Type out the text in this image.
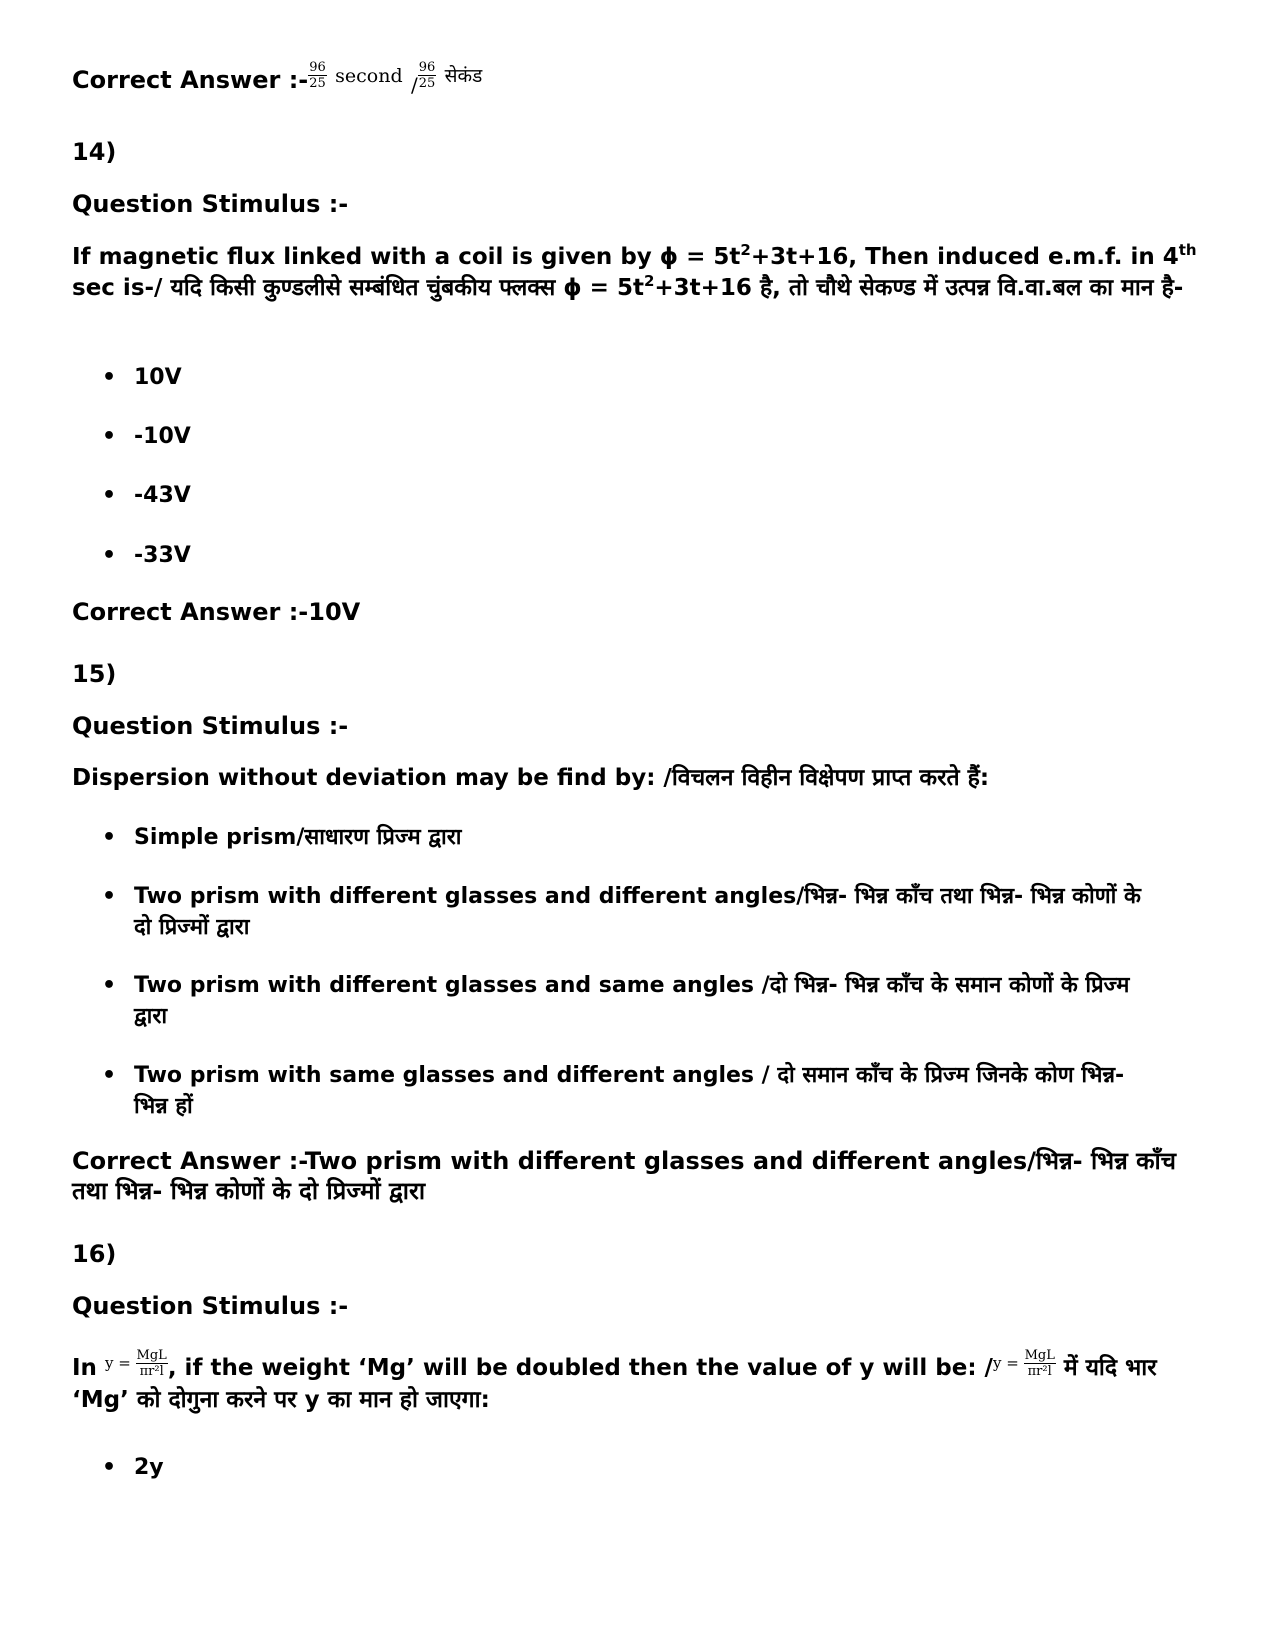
Correct Answer :- $\frac{96}{25}$ second $_/ \frac{96}{25}$ सेकंड
14)
Question Stimulus :-
If magnetic flux linked with a coil is given by $\phi = 5t^2+3t+16$, Then induced e.m.f. in 4th sec is-/ यदि किसी कुण्डलीसे सम्बंधित चुंबकीय फ्लक्स $\phi = 5t^2+3t+16$ है, तो चौथे सेकण्ड में उत्पन्न वि.वा.बल का मान है-
• 10V
• -10V
• -43V
• -33V
Correct Answer :-10V
15)
Question Stimulus :-
Dispersion without deviation may be find by: /विचलन विहीन विक्षेपण प्राप्त करते हैं:
• Simple prism/साधारण प्रिज्म द्वारा
• Two prism with different glasses and different angles/भिन्न- भिन्न काँच तथा भिन्न- भिन्न कोणों के दो प्रिज्मों द्वारा
• Two prism with different glasses and same angles /दो भिन्न- भिन्न काँच के समान कोणों के प्रिज्म द्वारा
• Two prism with same glasses and different angles / दो समान काँच के प्रिज्म जिनके कोण भिन्न- भिन्न हों
Correct Answer :-Two prism with different glasses and different angles/भिन्न- भिन्न काँच तथा भिन्न- भिन्न कोणों के दो प्रिज्मों द्वारा
16)
Question Stimulus :-
In $y = \frac{\text{MgL}}{\text{πr²l}}$ , if the weight ‘Mg’ will be doubled then the value of y will be: $/y = \frac{\text{MgL}}{\text{πr²l}}$ में यदि भार ‘Mg’ को दोगुना करने पर y का मान हो जाएगा:
• 2y
